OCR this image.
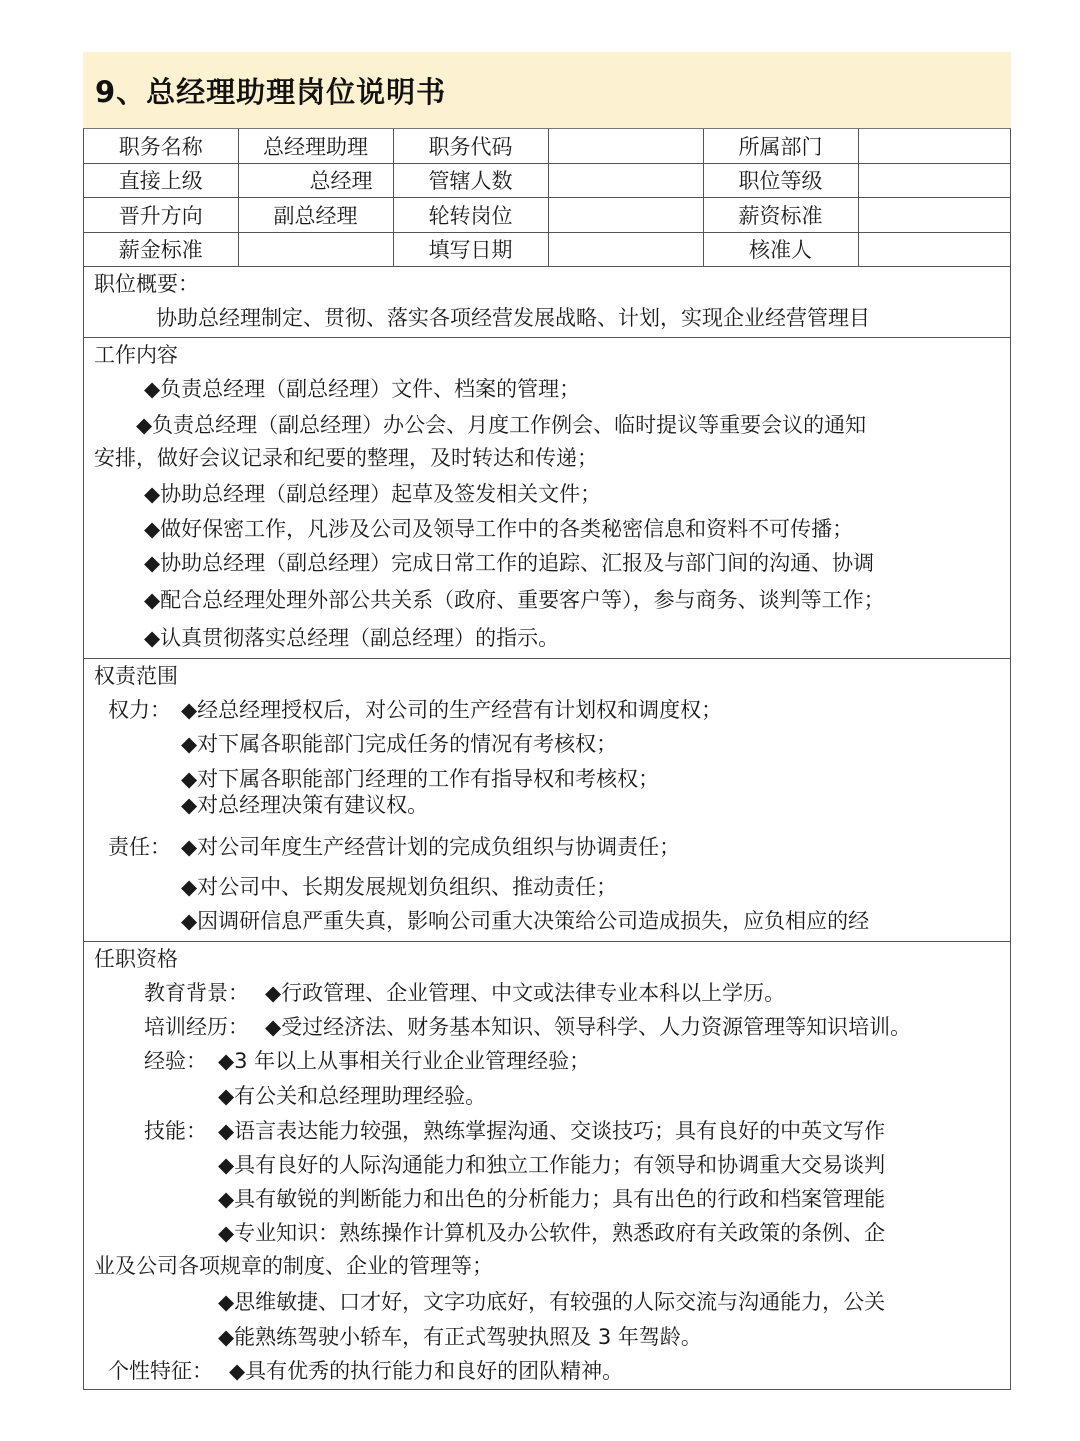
9、总经理助理岗位说明书
职务名称	总经理助理	职务代码		所属部门	
直接上级	总经理	管辖人数		职位等级	
晋升方向	副总经理	轮转岗位		薪资标准	
薪金标准		填写日期		核准人	
职位概要：
协助总经理制定、贯彻、落实各项经营发展战略、计划，实现企业经营管理目
工作内容
◆负责总经理（副总经理）文件、档案的管理；
◆负责总经理（副总经理）办公会、月度工作例会、临时提议等重要会议的通知
安排，做好会议记录和纪要的整理，及时转达和传递；
◆协助总经理（副总经理）起草及签发相关文件；
◆做好保密工作，凡涉及公司及领导工作中的各类秘密信息和资料不可传播；
◆协助总经理（副总经理）完成日常工作的追踪、汇报及与部门间的沟通、协调
◆配合总经理处理外部公共关系（政府、重要客户等），参与商务、谈判等工作；
◆认真贯彻落实总经理（副总经理）的指示。
权责范围
权力： ◆经总经理授权后，对公司的生产经营有计划权和调度权；
◆对下属各职能部门完成任务的情况有考核权；
◆对下属各职能部门经理的工作有指导权和考核权；
◆对总经理决策有建议权。
责任： ◆对公司年度生产经营计划的完成负组织与协调责任；
◆对公司中、长期发展规划负组织、推动责任；
◆因调研信息严重失真，影响公司重大决策给公司造成损失，应负相应的经
任职资格
教育背景： ◆行政管理、企业管理、中文或法律专业本科以上学历。
培训经历： ◆受过经济法、财务基本知识、领导科学、人力资源管理等知识培训。
经验： ◆3 年以上从事相关行业企业管理经验；
◆有公关和总经理助理经验。
技能： ◆语言表达能力较强，熟练掌握沟通、交谈技巧；具有良好的中英文写作
◆具有良好的人际沟通能力和独立工作能力；有领导和协调重大交易谈判
◆具有敏锐的判断能力和出色的分析能力；具有出色的行政和档案管理能
◆专业知识：熟练操作计算机及办公软件，熟悉政府有关政策的条例、企
业及公司各项规章的制度、企业的管理等；
◆思维敏捷、口才好，文字功底好，有较强的人际交流与沟通能力，公关
◆能熟练驾驶小轿车，有正式驾驶执照及 3 年驾龄。
个性特征： ◆具有优秀的执行能力和良好的团队精神。
